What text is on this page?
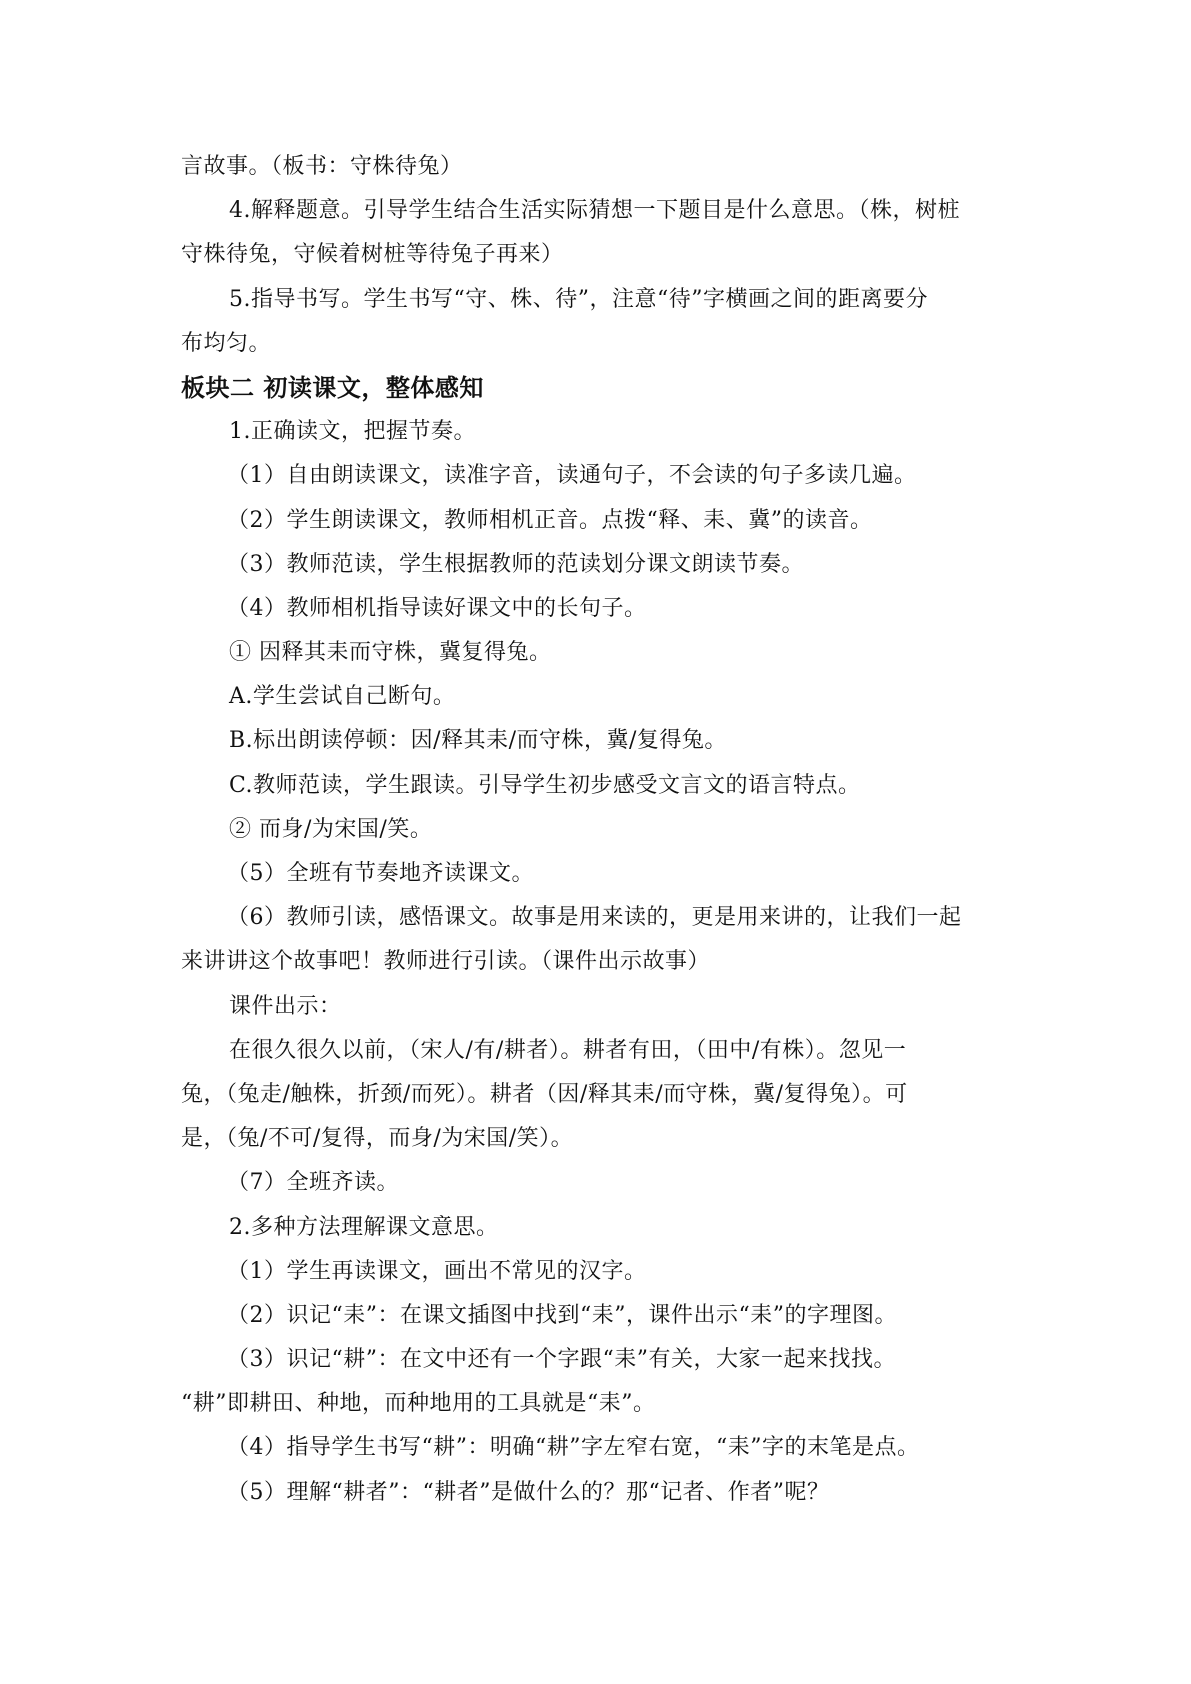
言故事。（板书：守株待兔）
4.解释题意。引导学生结合生活实际猜想一下题目是什么意思。（株，树桩
守株待兔，守候着树桩等待兔子再来）
5.指导书写。学生书写“守、株、待”，注意“待”字横画之间的距离要分
布均匀。
板块二 初读课文，整体感知
1.正确读文，把握节奏。
（1）自由朗读课文，读准字音，读通句子，不会读的句子多读几遍。
（2）学生朗读课文，教师相机正音。点拨“释、耒、冀”的读音。
（3）教师范读，学生根据教师的范读划分课文朗读节奏。
（4）教师相机指导读好课文中的长句子。
① 因释其耒而守株，冀复得兔。
A.学生尝试自己断句。
B.标出朗读停顿：因/释其耒/而守株，冀/复得兔。
C.教师范读，学生跟读。引导学生初步感受文言文的语言特点。
② 而身/为宋国/笑。
（5）全班有节奏地齐读课文。
（6）教师引读，感悟课文。故事是用来读的，更是用来讲的，让我们一起
来讲讲这个故事吧！教师进行引读。（课件出示故事）
课件出示：
在很久很久以前，（宋人/有/耕者）。耕者有田，（田中/有株）。忽见一
兔，（兔走/触株，折颈/而死）。耕者（因/释其耒/而守株，冀/复得兔）。可
是，（兔/不可/复得，而身/为宋国/笑）。
（7）全班齐读。
2.多种方法理解课文意思。
（1）学生再读课文，画出不常见的汉字。
（2）识记“耒”：在课文插图中找到“耒”，课件出示“耒”的字理图。
（3）识记“耕”：在文中还有一个字跟“耒”有关，大家一起来找找。
“耕”即耕田、种地，而种地用的工具就是“耒”。
（4）指导学生书写“耕”：明确“耕”字左窄右宽，“耒”字的末笔是点。
（5）理解“耕者”：“耕者”是做什么的？那“记者、作者”呢？
